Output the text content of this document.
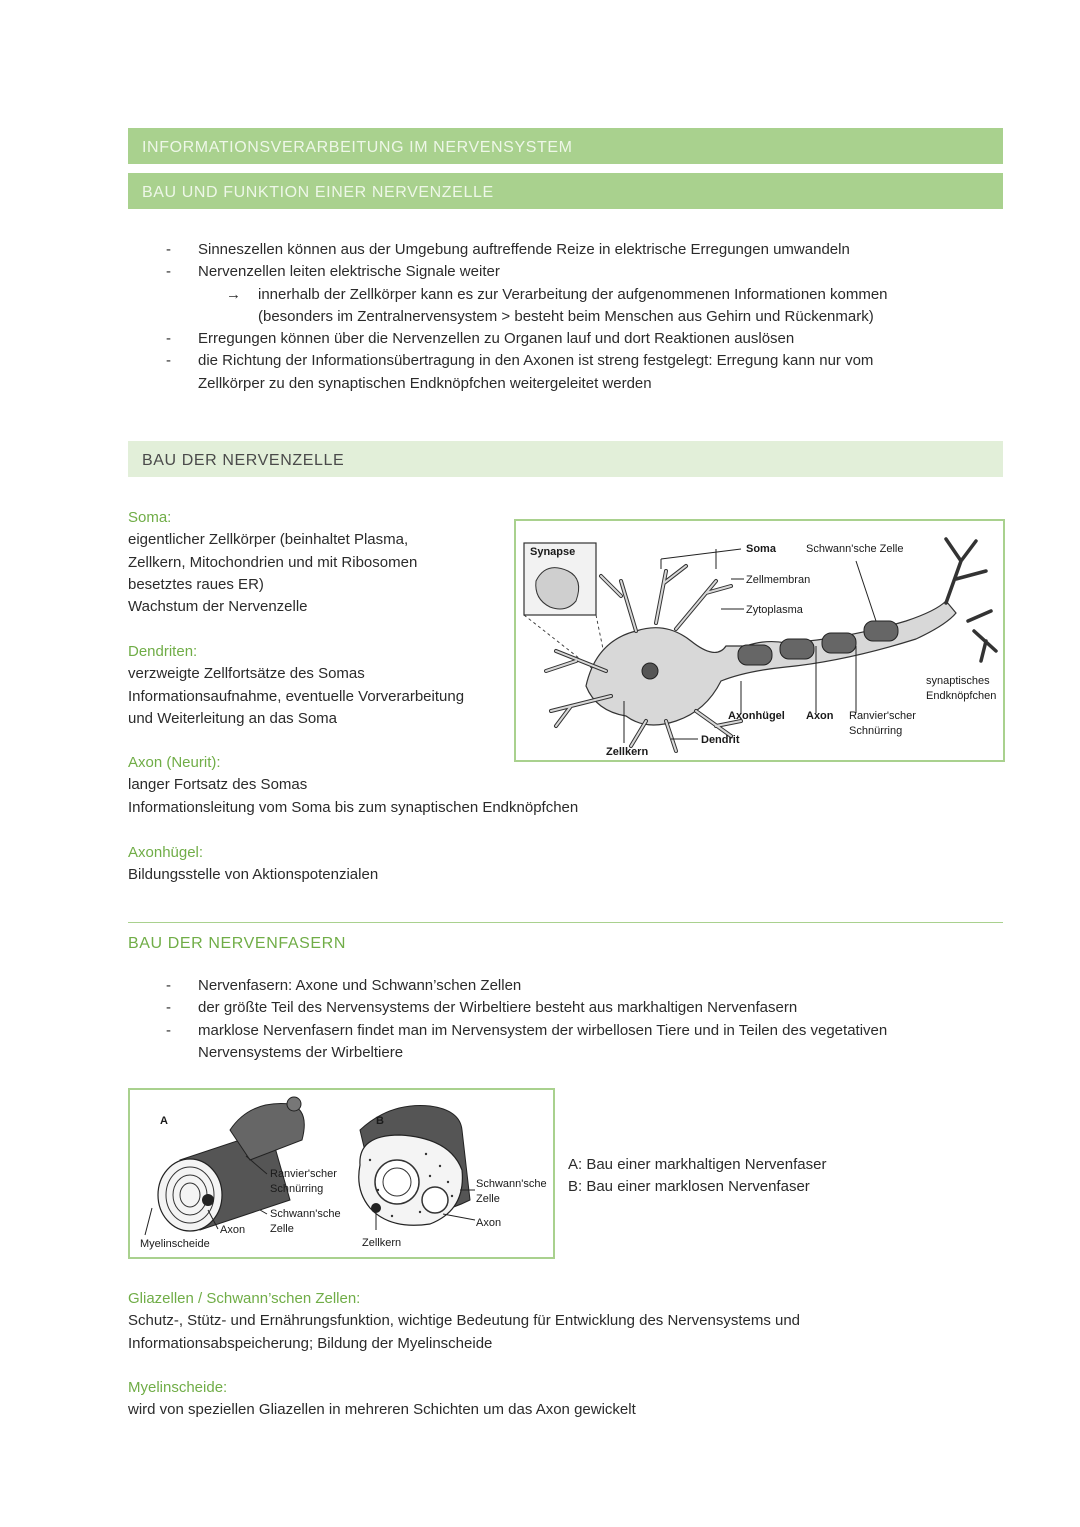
INFORMATIONSVERARBEITUNG IM NERVENSYSTEM
BAU UND FUNKTION EINER NERVENZELLE
- Sinneszellen können aus der Umgebung auftreffende Reize in elektrische Erregungen umwandeln
- Nervenzellen leiten elektrische Signale weiter
→ innerhalb der Zellkörper kann es zur Verarbeitung der aufgenommenen Informationen kommen
(besonders im Zentralnervensystem > besteht beim Menschen aus Gehirn und Rückenmark)
- Erregungen können über die Nervenzellen zu Organen lauf und dort Reaktionen auslösen
- die Richtung der Informationsübertragung in den Axonen ist streng festgelegt: Erregung kann nur vom
Zellkörper zu den synaptischen Endknöpfchen weitergeleitet werden
BAU DER NERVENZELLE
Soma:
eigentlicher Zellkörper (beinhaltet Plasma,
Zellkern, Mitochondrien und mit Ribosomen
besetztes raues ER)
Wachstum der Nervenzelle
Dendriten:
verzweigte Zellfortsätze des Somas
Informationsaufnahme, eventuelle Vorverarbeitung
und Weiterleitung an das Soma
Axon (Neurit):
langer Fortsatz des Somas
Informationsleitung vom Soma bis zum synaptischen Endknöpfchen
Axonhügel:
Bildungsstelle von Aktionspotenzialen
Synapse	Soma	Schwann'sche Zelle
Zellmembran
Zytoplasma
synaptisches
Endknöpfchen
Axonhügel Axon Ranvier'scher
Schnürring
Dendrit
Zellkern
BAU DER NERVENFASERN
- Nervenfasern: Axone und Schwann’schen Zellen
- der größte Teil des Nervensystems der Wirbeltiere besteht aus markhaltigen Nervenfasern
- marklose Nervenfasern findet man im Nervensystem der wirbellosen Tiere und in Teilen des vegetativen
Nervensystems der Wirbeltiere
A
Ranvier'scher
Schnürring
Schwann'sche
Zelle
Axon
Myelinscheide
B
Schwann'sche
Zelle
Axon
Zellkern
A: Bau einer markhaltigen Nervenfaser
B: Bau einer marklosen Nervenfaser
Gliazellen / Schwann’schen Zellen:
Schutz-, Stütz- und Ernährungsfunktion, wichtige Bedeutung für Entwicklung des Nervensystems und
Informationsabspeicherung; Bildung der Myelinscheide
Myelinscheide:
wird von speziellen Gliazellen in mehreren Schichten um das Axon gewickelt
